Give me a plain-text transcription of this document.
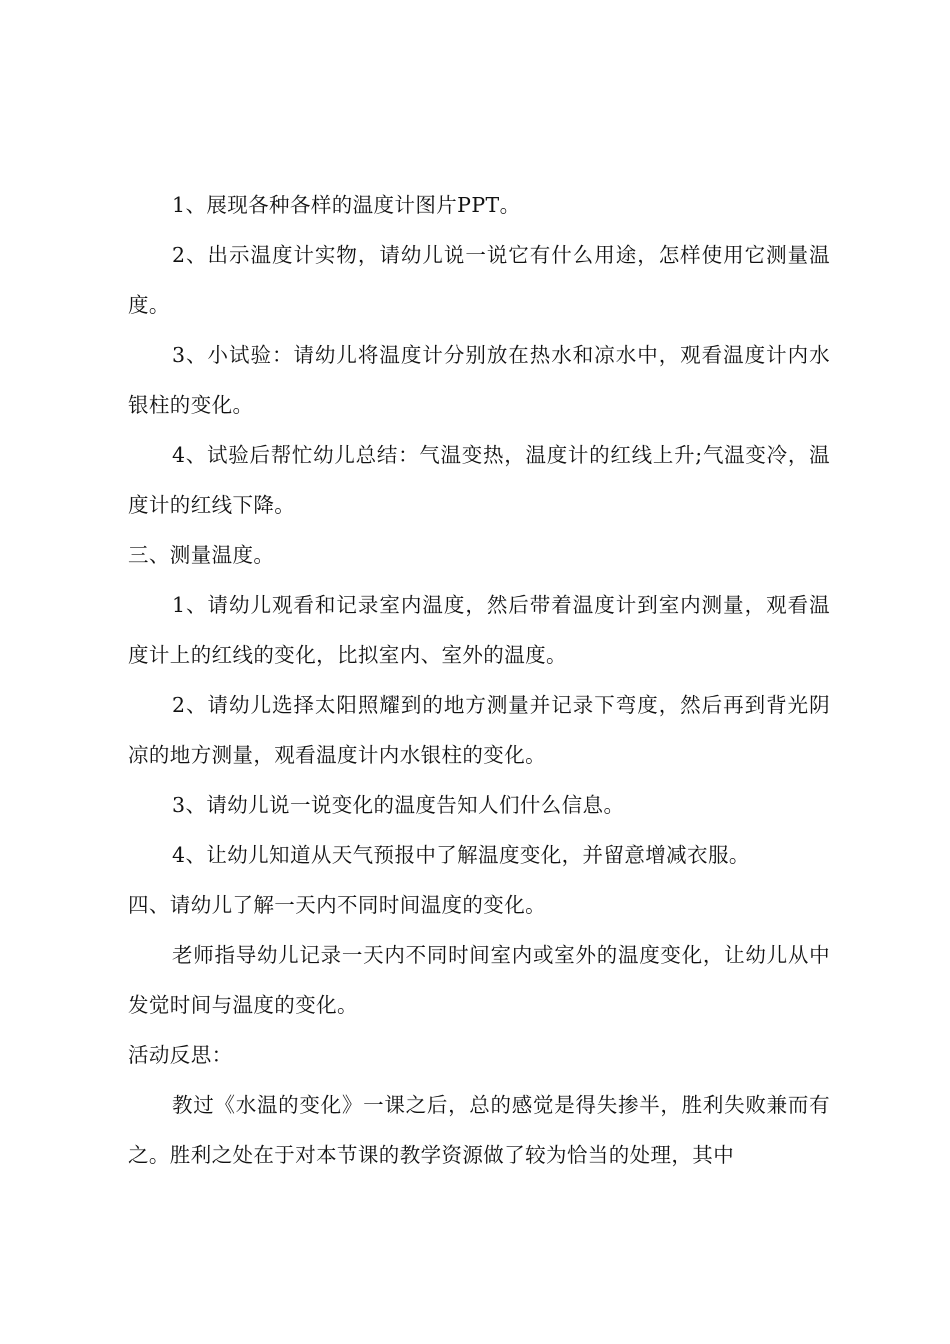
1、展现各种各样的温度计图片PPT。

2、出示温度计实物，请幼儿说一说它有什么用途，怎样使用它测量温度。

3、小试验：请幼儿将温度计分别放在热水和凉水中，观看温度计内水银柱的变化。

4、试验后帮忙幼儿总结：气温变热，温度计的红线上升;气温变冷，温度计的红线下降。

三、测量温度。

1、请幼儿观看和记录室内温度，然后带着温度计到室内测量，观看温度计上的红线的变化，比拟室内、室外的温度。

2、请幼儿选择太阳照耀到的地方测量并记录下弯度，然后再到背光阴凉的地方测量，观看温度计内水银柱的变化。

3、请幼儿说一说变化的温度告知人们什么信息。

4、让幼儿知道从天气预报中了解温度变化，并留意增减衣服。

四、请幼儿了解一天内不同时间温度的变化。

老师指导幼儿记录一天内不同时间室内或室外的温度变化，让幼儿从中发觉时间与温度的变化。

活动反思：

教过《水温的变化》一课之后，总的感觉是得失掺半，胜利失败兼而有之。胜利之处在于对本节课的教学资源做了较为恰当的处理，其中
